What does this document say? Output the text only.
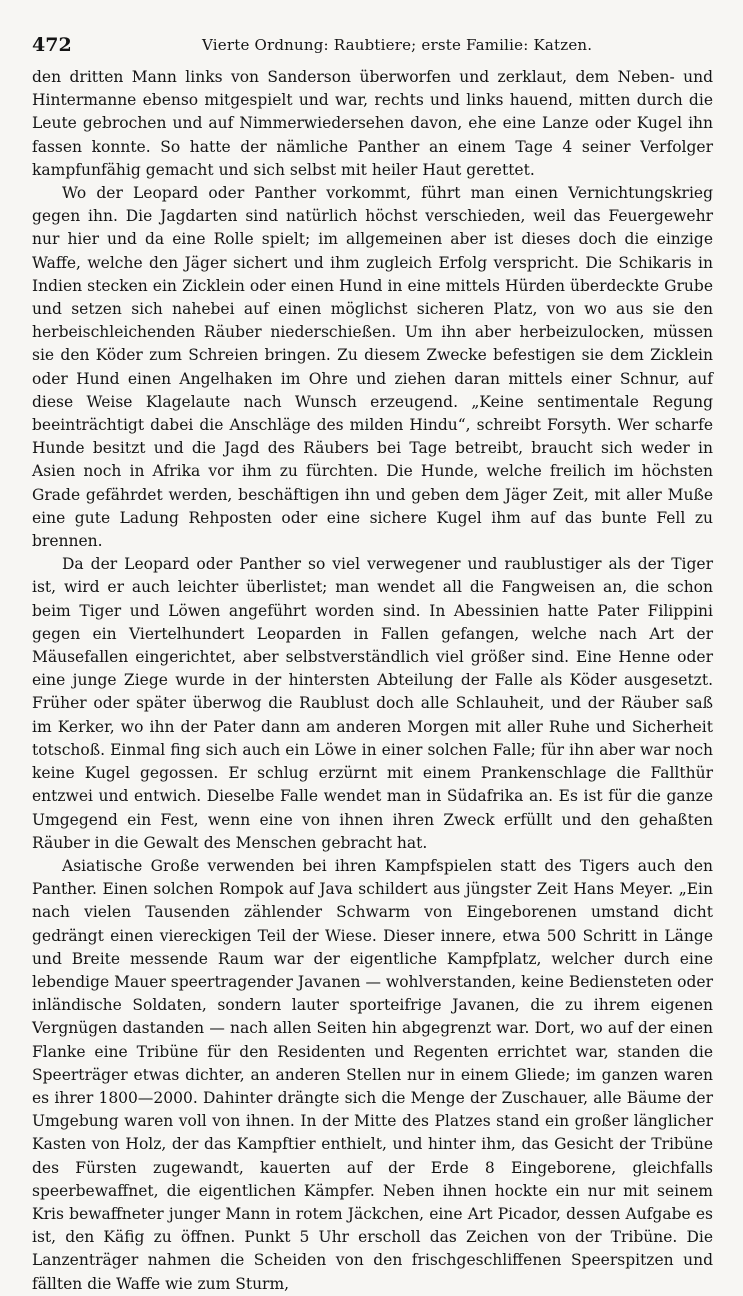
472	Vierte Ordnung: Raubtiere; erste Familie: Katzen.

den dritten Mann links von Sanderson überworfen und zerklaut, dem Neben- und Hintermanne ebenso mitgespielt und war, rechts und links hauend, mitten durch die Leute gebrochen und auf Nimmerwiedersehen davon, ehe eine Lanze oder Kugel ihn fassen konnte. So hatte der nämliche Panther an einem Tage 4 seiner Verfolger kampfunfähig gemacht und sich selbst mit heiler Haut gerettet.

Wo der Leopard oder Panther vorkommt, führt man einen Vernichtungskrieg gegen ihn. Die Jagdarten sind natürlich höchst verschieden, weil das Feuergewehr nur hier und da eine Rolle spielt; im allgemeinen aber ist dieses doch die einzige Waffe, welche den Jäger sichert und ihm zugleich Erfolg verspricht. Die Schikaris in Indien stecken ein Zicklein oder einen Hund in eine mittels Hürden überdeckte Grube und setzen sich nahebei auf einen möglichst sicheren Platz, von wo aus sie den herbeischleichenden Räuber niederschießen. Um ihn aber herbeizulocken, müssen sie den Köder zum Schreien bringen. Zu diesem Zwecke befestigen sie dem Zicklein oder Hund einen Angelhaken im Ohre und ziehen daran mittels einer Schnur, auf diese Weise Klagelaute nach Wunsch erzeugend. „Keine sentimentale Regung beeinträchtigt dabei die Anschläge des milden Hindu“, schreibt Forsyth. Wer scharfe Hunde besitzt und die Jagd des Räubers bei Tage betreibt, braucht sich weder in Asien noch in Afrika vor ihm zu fürchten. Die Hunde, welche freilich im höchsten Grade gefährdet werden, beschäftigen ihn und geben dem Jäger Zeit, mit aller Muße eine gute Ladung Rehposten oder eine sichere Kugel ihm auf das bunte Fell zu brennen.

Da der Leopard oder Panther so viel verwegener und raublustiger als der Tiger ist, wird er auch leichter überlistet; man wendet all die Fangweisen an, die schon beim Tiger und Löwen angeführt worden sind. In Abessinien hatte Pater Filippini gegen ein Viertelhundert Leoparden in Fallen gefangen, welche nach Art der Mäusefallen eingerichtet, aber selbstverständlich viel größer sind. Eine Henne oder eine junge Ziege wurde in der hintersten Abteilung der Falle als Köder ausgesetzt. Früher oder später überwog die Raublust doch alle Schlauheit, und der Räuber saß im Kerker, wo ihn der Pater dann am anderen Morgen mit aller Ruhe und Sicherheit totschoß. Einmal fing sich auch ein Löwe in einer solchen Falle; für ihn aber war noch keine Kugel gegossen. Er schlug erzürnt mit einem Prankenschlage die Fallthür entzwei und entwich. Dieselbe Falle wendet man in Südafrika an. Es ist für die ganze Umgegend ein Fest, wenn eine von ihnen ihren Zweck erfüllt und den gehaßten Räuber in die Gewalt des Menschen gebracht hat.

Asiatische Große verwenden bei ihren Kampfspielen statt des Tigers auch den Panther. Einen solchen Rompok auf Java schildert aus jüngster Zeit Hans Meyer. „Ein nach vielen Tausenden zählender Schwarm von Eingeborenen umstand dicht gedrängt einen viereckigen Teil der Wiese. Dieser innere, etwa 500 Schritt in Länge und Breite messende Raum war der eigentliche Kampfplatz, welcher durch eine lebendige Mauer speertragender Javanen — wohlverstanden, keine Bediensteten oder inländische Soldaten, sondern lauter sporteifrige Javanen, die zu ihrem eigenen Vergnügen dastanden — nach allen Seiten hin abgegrenzt war. Dort, wo auf der einen Flanke eine Tribüne für den Residenten und Regenten errichtet war, standen die Speerträger etwas dichter, an anderen Stellen nur in einem Gliede; im ganzen waren es ihrer 1800—2000. Dahinter drängte sich die Menge der Zuschauer, alle Bäume der Umgebung waren voll von ihnen. In der Mitte des Platzes stand ein großer länglicher Kasten von Holz, der das Kampftier enthielt, und hinter ihm, das Gesicht der Tribüne des Fürsten zugewandt, kauerten auf der Erde 8 Eingeborene, gleichfalls speerbewaffnet, die eigentlichen Kämpfer. Neben ihnen hockte ein nur mit seinem Kris bewaffneter junger Mann in rotem Jäckchen, eine Art Picador, dessen Aufgabe es ist, den Käfig zu öffnen. Punkt 5 Uhr erscholl das Zeichen von der Tribüne. Die Lanzenträger nahmen die Scheiden von den frischgeschliffenen Speerspitzen und fällten die Waffe wie zum Sturm,
